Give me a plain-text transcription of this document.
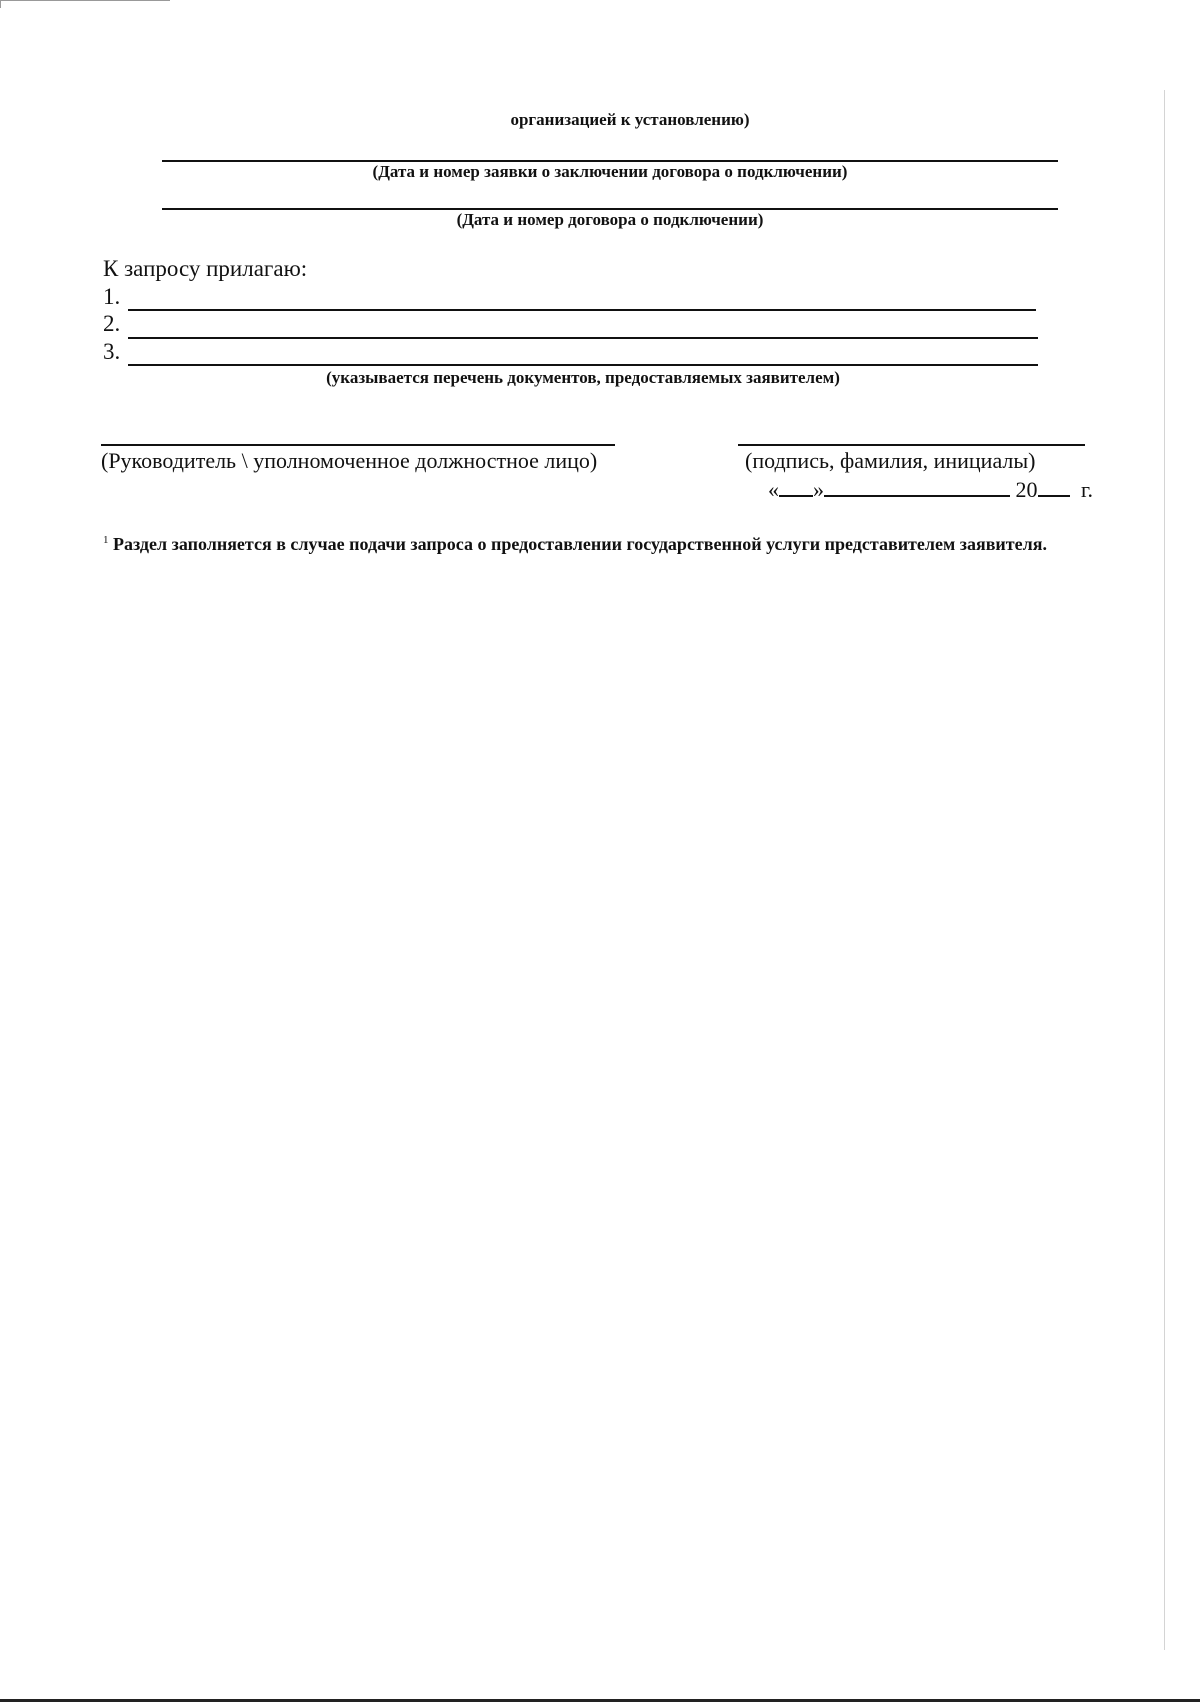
организацией к установлению)
(Дата и номер заявки о заключении договора о подключении)
(Дата и номер договора о подключении)
К запросу прилагаю:
1.
2.
3.
(указывается перечень документов, предоставляемых заявителем)
(Руководитель \ уполномоченное должностное лицо)	(подпись, фамилия, инициалы)
« »	20 г.
$^1$ Раздел заполняется в случае подачи запроса о предоставлении государственной услуги представителем заявителя.
